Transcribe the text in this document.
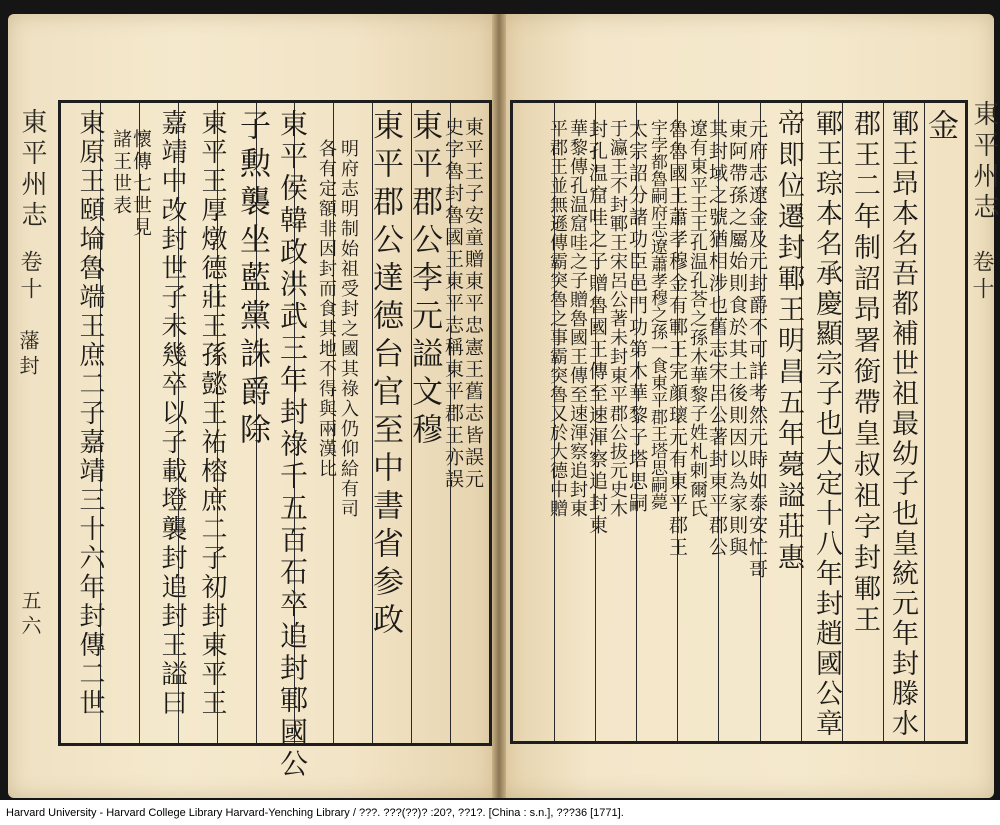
東平王子安童贈東平忠憲王舊志皆誤元
史字魯封魯國王東平志稱東平郡王亦誤
東平郡公李元謚文穆
東平郡公達德台官至中書省参政
明府志明制始祖受封之國其祿入仍仰給有司
各有定額非因封而食其地不得與兩漢比
東平侯韓政洪武三年封祿千五百石卒追封鄆國公
子勲襲坐藍黨誅爵除
東平王厚燉德莊王孫懿王祐榕庶二子初封東平王
嘉靖中改封世子未幾卒以子載墱襲封追封王謚曰
懷傳七世見
諸王世表
東原王頤埨魯端王庶二子嘉靖三十六年封傳二世
東平州志
卷十
藩封
五六
金
鄆王昻本名吾都補世祖最幼子也皇統元年封滕水
郡王二年制詔昻署銜帶皇叔祖字封鄆王
鄆王琮本名承慶顯宗子也大定十八年封趙國公章
帝即位遷封鄆王明昌五年薨謚莊惠
元府志遼金及元封爵不可詳考然元時如泰安忙哥
東阿帶孫之屬始則食於其土後則因以為家則與
其封域之號猶相涉也舊志宋呂公著封東平郡公
遼有東平王王孔温孔荅之孫木華黎子姓札剌爾氏
魯魯國王蕭孝穆金有鄆王完顔瓌元有東平郡王
宇孛都魯嗣府志遼蕭孝穆之孫一食東平郡王塔思嗣薨
太宗詔分諸功臣邑門功第木華黎子塔思嗣
于瀛王不封鄆王宋呂公著未封東平郡公拔元史木
封孔温窟哇之子贈魯國王傳至速渾察追封東
華黎傳孔温窟哇之子贈魯國王傳至速渾察追封東
平郡王並無遜傳霸突魯之事霸突魯又於大德中贈	東平州志
卷十
Harvard University - Harvard College Library Harvard-Yenching Library / ???. ???(??)? :20?, ??1?. [China : s.n.], ???36 [1771].
